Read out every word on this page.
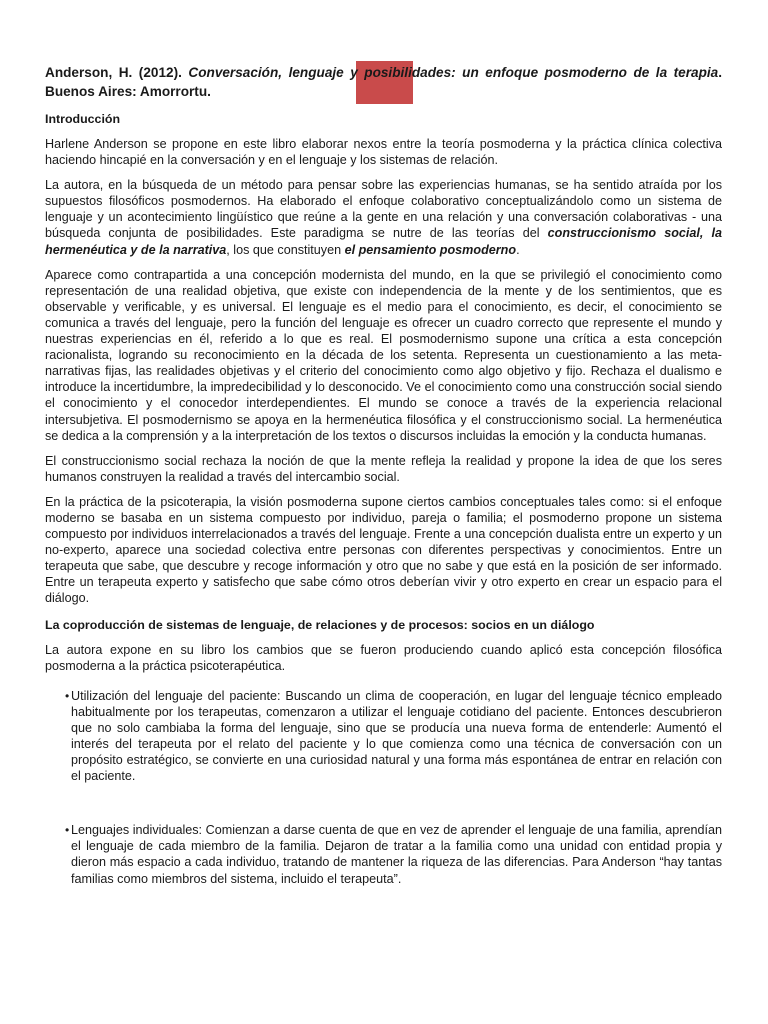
Anderson, H. (2012). Conversación, lenguaje y posibilidades: un enfoque posmoderno de la terapia. Buenos Aires: Amorrortu.
Introducción

Harlene Anderson se propone en este libro elaborar nexos entre la teoría posmoderna y la práctica clínica colectiva haciendo hincapié en la conversación y en el lenguaje y los sistemas de relación.

La autora, en la búsqueda de un método para pensar sobre las experiencias humanas, se ha sentido atraída por los supuestos filosóficos posmodernos. Ha elaborado el enfoque colaborativo conceptualizándolo como un sistema de lenguaje y un acontecimiento lingüístico que reúne a la gente en una relación y una conversación colaborativas - una búsqueda conjunta de posibilidades. Este paradigma se nutre de las teorías del construccionismo social, la hermenéutica y de la narrativa, los que constituyen el pensamiento posmoderno.

Aparece como contrapartida a una concepción modernista del mundo, en la que se privilegió el conocimiento como representación de una realidad objetiva, que existe con independencia de la mente y de los sentimientos, que es observable y verificable, y es universal. El lenguaje es el medio para el conocimiento, es decir, el conocimiento se comunica a través del lenguaje, pero la función del lenguaje es ofrecer un cuadro correcto que represente el mundo y nuestras experiencias en él, referido a lo que es real. El posmodernismo supone una crítica a esta concepción racionalista, logrando su reconocimiento en la década de los setenta. Representa un cuestionamiento a las meta-narrativas fijas, las realidades objetivas y el criterio del conocimiento como algo objetivo y fijo. Rechaza el dualismo e introduce la incertidumbre, la impredecibilidad y lo desconocido. Ve el conocimiento como una construcción social siendo el conocimiento y el conocedor interdependientes. El mundo se conoce a través de la experiencia relacional intersubjetiva. El posmodernismo se apoya en la hermenéutica filosófica y el construccionismo social. La hermenéutica se dedica a la comprensión y a la interpretación de los textos o discursos incluidas la emoción y la conducta humanas.

El construccionismo social rechaza la noción de que la mente refleja la realidad y propone la idea de que los seres humanos construyen la realidad a través del intercambio social.

En la práctica de la psicoterapia, la visión posmoderna supone ciertos cambios conceptuales tales como: si el enfoque moderno se basaba en un sistema compuesto por individuo, pareja o familia; el posmoderno propone un sistema compuesto por individuos interrelacionados a través del lenguaje. Frente a una concepción dualista entre un experto y un no-experto, aparece una sociedad colectiva entre personas con diferentes perspectivas y conocimientos. Entre un terapeuta que sabe, que descubre y recoge información y otro que no sabe y que está en la posición de ser informado. Entre un terapeuta experto y satisfecho que sabe cómo otros deberían vivir y otro experto en crear un espacio para el diálogo.

La coproducción de sistemas de lenguaje, de relaciones y de procesos: socios en un diálogo

La autora expone en su libro los cambios que se fueron produciendo cuando aplicó esta concepción filosófica posmoderna a la práctica psicoterapéutica.

• Utilización del lenguaje del paciente: Buscando un clima de cooperación, en lugar del lenguaje técnico empleado habitualmente por los terapeutas, comenzaron a utilizar el lenguaje cotidiano del paciente. Entonces descubrieron que no solo cambiaba la forma del lenguaje, sino que se producía una nueva forma de entenderle: Aumentó el interés del terapeuta por el relato del paciente y lo que comienza como una técnica de conversación con un propósito estratégico, se convierte en una curiosidad natural y una forma más espontánea de entrar en relación con el paciente.
• Lenguajes individuales: Comienzan a darse cuenta de que en vez de aprender el lenguaje de una familia, aprendían el lenguaje de cada miembro de la familia. Dejaron de tratar a la familia como una unidad con entidad propia y dieron más espacio a cada individuo, tratando de mantener la riqueza de las diferencias. Para Anderson “hay tantas familias como miembros del sistema, incluido el terapeuta”.
